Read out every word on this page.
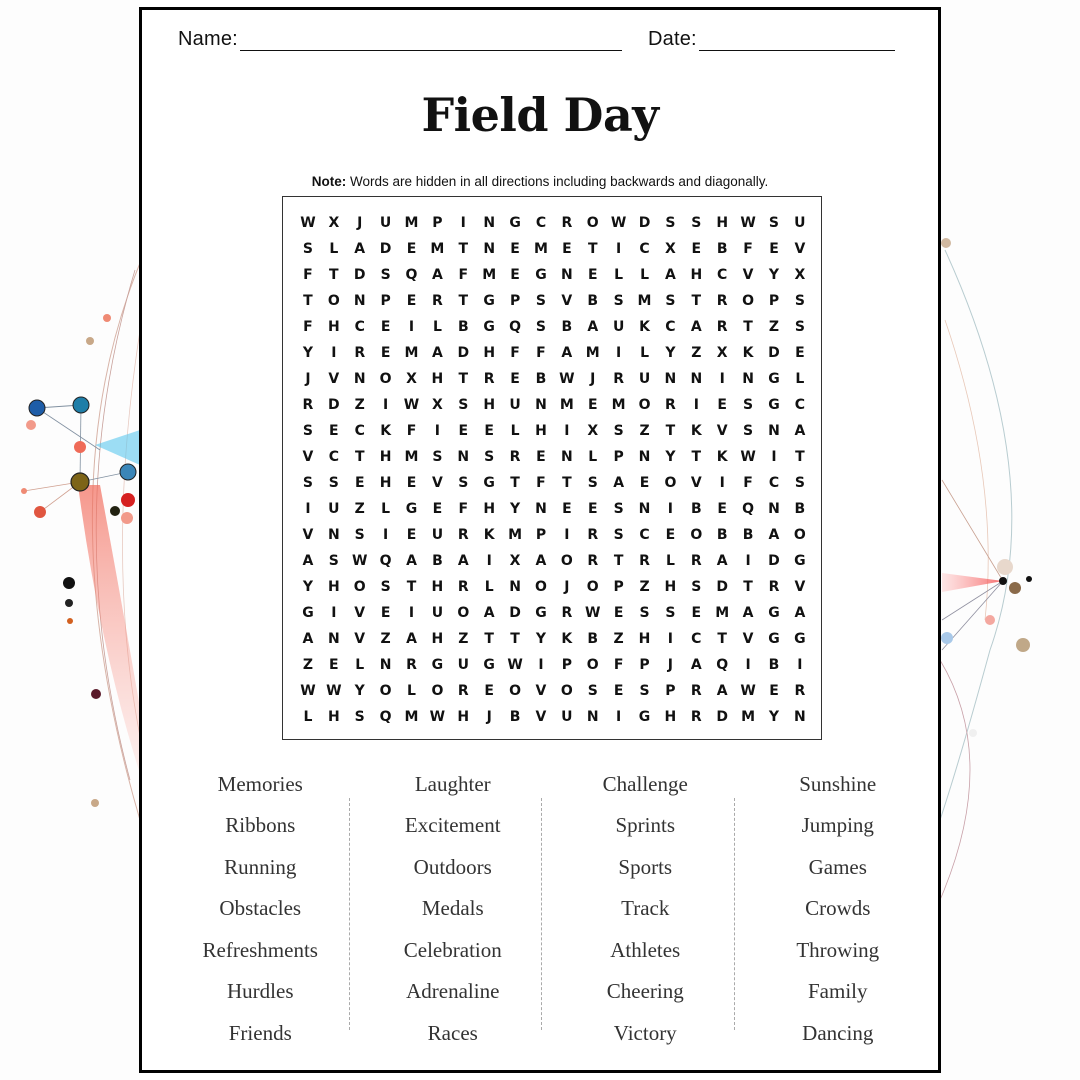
Name:	Date:
Field Day
Note: Words are hidden in all directions including backwards and diagonally.
W X	J	U M P	I	N	G	C	R	O W D	S	S	H W S	U
S	L	A	D	E	M	T	N	E	M	E	T	I	C	X	E	B	F	E	V
F	T	D	S	Q	A	F	M	E	G	N	E	L	L	A	H	C	V	Y	X
T	O	N	P	E	R	T	G	P	S	V	B	S M S	T	R	O	P	S
F	H	C	E	I	L	B	G	Q	S	B	A	U	K	C	A	R	T	Z	S
Y	I	R	E	M A	D	H	F	F	A M	I	L	Y	Z	X	K	D	E
J	V	N	O	X	H	T	R	E	B W	J	R	U	N	N	I	N	G	L
R	D	Z	I	W X	S	H	U	N M	E	M O	R	I	E	S	G	C
S	E	C	K	F	I	E	E	L	H	I	X	S	Z	T	K	V	S	N	A
V	C	T	H M S	N	S	R	E	N	L	P	N	Y	T	K W	I	T
S	S	E	H	E	V	S	G	T	F	T	S	A	E	O	V	I	F	C	S
I	U	Z	L	G	E	F	H	Y	N	E	E	S	N	I	B	E	Q	N	B
V	N	S	I	E	U	R	K M P	I	R	S	C	E	O	B	B	A	O
A	S W Q	A	B	A	I	X	A	O	R	T	R	L	R	A	I	D	G
Y	H	O	S	T	H	R	L	N	O	J	O	P	Z	H	S	D	T	R	V
G	I	V	E	I	U	O	A	D	G	R W E	S	S	E	M A	G	A
A	N	V	Z	A	H	Z	T	T	Y	K	B	Z	H	I	C	T	V	G	G
Z	E	L	N	R	G	U	G W	I	P	O	F	P	J	A	Q	I	B	I
W W Y	O	L	O	R	E	O	V	O	S	E	S	P	R	A W E	R
L	H	S	Q M W H	J	B	V	U	N	I	G	H	R	D M Y	N
Memories
Ribbons
Running
Obstacles
Refreshments
Hurdles
Friends
Laughter
Excitement
Outdoors
Medals
Celebration
Adrenaline
Races
Challenge
Sprints
Sports
Track
Athletes
Cheering
Victory
Sunshine
Jumping
Games
Crowds
Throwing
Family
Dancing
